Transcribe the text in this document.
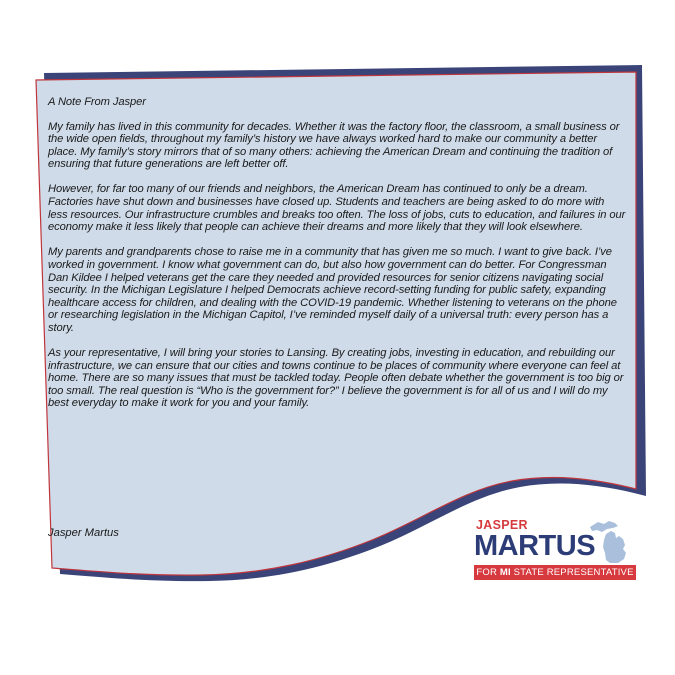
A Note From Jasper

My family has lived in this community for decades. Whether it was the factory floor, the classroom, a small business or the wide open fields, throughout my family’s history we have always worked hard to make our community a better place. My family’s story mirrors that of so many others: achieving the American Dream and continuing the tradition of ensuring that future generations are left better off.

However, for far too many of our friends and neighbors, the American Dream has continued to only be a dream. Factories have shut down and businesses have closed up. Students and teachers are being asked to do more with less resources. Our infrastructure crumbles and breaks too often. The loss of jobs, cuts to education, and failures in our economy make it less likely that people can achieve their dreams and more likely that they will look elsewhere.

My parents and grandparents chose to raise me in a community that has given me so much. I want to give back. I’ve worked in government. I know what government can do, but also how government can do better. For Congressman Dan Kildee I helped veterans get the care they needed and provided resources for senior citizens navigating social security. In the Michigan Legislature I helped Democrats achieve record-setting funding for public safety, expanding healthcare access for children, and dealing with the COVID-19 pandemic. Whether listening to veterans on the phone or researching legislation in the Michigan Capitol, I’ve reminded myself daily of a universal truth: every person has a story.

As your representative, I will bring your stories to Lansing. By creating jobs, investing in education, and rebuilding our infrastructure, we can ensure that our cities and towns continue to be places of community where everyone can feel at home. There are so many issues that must be tackled today. People often debate whether the government is too big or too small. The real question is “Who is the government for?” I believe the government is for all of us and I will do my best everyday to make it work for you and your family.

Jasper Martus
JASPER
MARTUS
FOR MI STATE REPRESENTATIVE
